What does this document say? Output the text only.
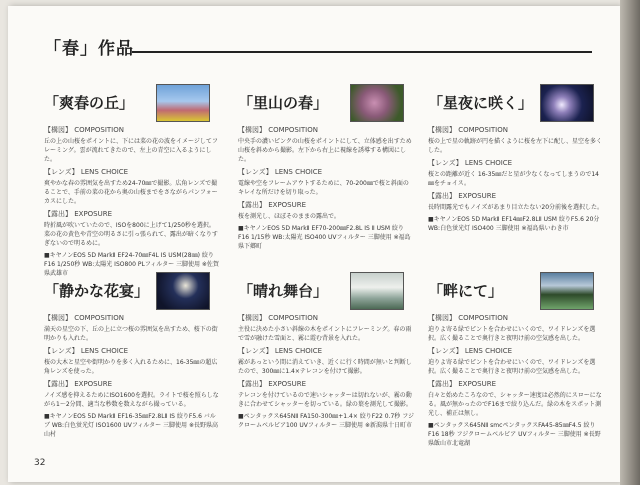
「春」作品
「爽春の丘」
【構図】 COMPOSITION
丘の上の山桜をポイントに、下には菜の花の波をイメージしてフレーミング。雲が流れてきたので、左上の青空に入るようにした。
【レンズ】 LENS CHOICE
爽やかな春の雰囲気を出すため24-70㎜で撮影。広角レンズで撮ることで、手前の菜の花から奥の山桜までをさながらパンフォーカスにした。
【露出】 EXPOSURE
時折風が吹いていたので、ISOを800に上げて1/250秒を選択。菜の花の黄色や青空の明るさに引っ張られて、露出が暗くなりすぎないので明るめに。
■キヤノンEOS 5D MarkⅡ EF24-70㎜F4L IS USM(28㎜) 絞りF16 1/250秒 WB:太陽光 ISO800 PLフィルター 三脚使用 ※佐賀県武雄市
「里山の春」
【構図】 COMPOSITION
中央手の濃いピンクの山桜をポイントにして、立体感を出すため山桜を斜めから撮影。左下から右上に視線を誘導する構図にした。
【レンズ】 LENS CHOICE
電線や空をフレームアウトするために、70-200㎜で桜と斜面のキレイな所だけを切り取った。
【露出】 EXPOSURE
桜を測光し、ほぼそのままの露出で。
■キヤノンEOS 5D MarkⅡ EF70-200㎜F2.8L IS Ⅱ USM 絞りF16 1/15秒 WB:太陽光 ISO400 UVフィルター 三脚使用 ※福島県下郷町
「星夜に咲く」
【構図】 COMPOSITION
桜の上で星の軌跡が円を描くように桜を左下に配し、星空を多くした。
【レンズ】 LENS CHOICE
桜との距離が近く 16-35㎜だと星が少なくなってしまうので14㎜をチョイス。
【露出】 EXPOSURE
長時間露光でもノイズがあまり目立たない20分前後を選択した。
■キヤノンEOS 5D MarkⅡ EF14㎜F2.8LⅡ USM 絞りF5.6 20分 WB:白色蛍光灯 ISO400 三脚使用 ※福島県いわき市
「静かな花宴」
【構図】 COMPOSITION
満天の星空の下、丘の上に立つ桜の雰囲気を出すため、桜下の街明かりも入れた。
【レンズ】 LENS CHOICE
桜の大木と星空や街明かりを多く入れるために、16-35㎜の超広角レンズを使った。
【露出】 EXPOSURE
ノイズ感を抑えるためにISO1600を選択。ライトで桜を照らしながら1～2分間、適当な秒数を数えながら撮っている。
■キヤノンEOS 5D MarkⅡ EF16-35㎜F2.8LⅡ IS 絞りF5.6 バルブ WB:白色蛍光灯 ISO1600 UVフィルター 三脚使用 ※長野県高山村
「晴れ舞台」
【構図】 COMPOSITION
主役に決めた小さい斜線の木をポイントにフレーミング。春の雨で雪が融けた雪面と、霧に霞む背景を入れた。
【レンズ】 LENS CHOICE
霧があっという間に消えていき、近くに行く時間が無いと判断したので、300㎜に1.4×テレコンを付けて撮影。
【露出】 EXPOSURE
テレコンを付けているので速いシャッターは切れないが、霧の動きに合わせてシャッターを切っている。緑の葉を測光して撮影。
■ペンタックス645NⅡ FA150-300㎜+1.4× 絞りF22 0.7秒 フジクロームベルビア100 UVフィルター 三脚使用 ※新潟県十日町市
「畔にて」
【構図】 COMPOSITION
迫りよ寄る緑でピントを合わせにいくので、ワイドレンズを選択。広く撮ることで奥行きと夜明け前の空気感を出した。
【レンズ】 LENS CHOICE
迫りよ寄る緑でピントを合わせにいくので、ワイドレンズを選択。広く撮ることで奥行きと夜明け前の空気感を出した。
【露出】 EXPOSURE
白々と始めたころなので、シャッター速度は必然的にスローになる。風が無かったのでF16まで絞り込んだ。緑の木をスポット測光し、補正は無し。
■ペンタックス645NⅡ smcペンタックスFA45-85㎜F4.5 絞りF16 18秒 フジクロームベルビア UVフィルター 三脚使用 ※長野県飯山市北竜湖
32
